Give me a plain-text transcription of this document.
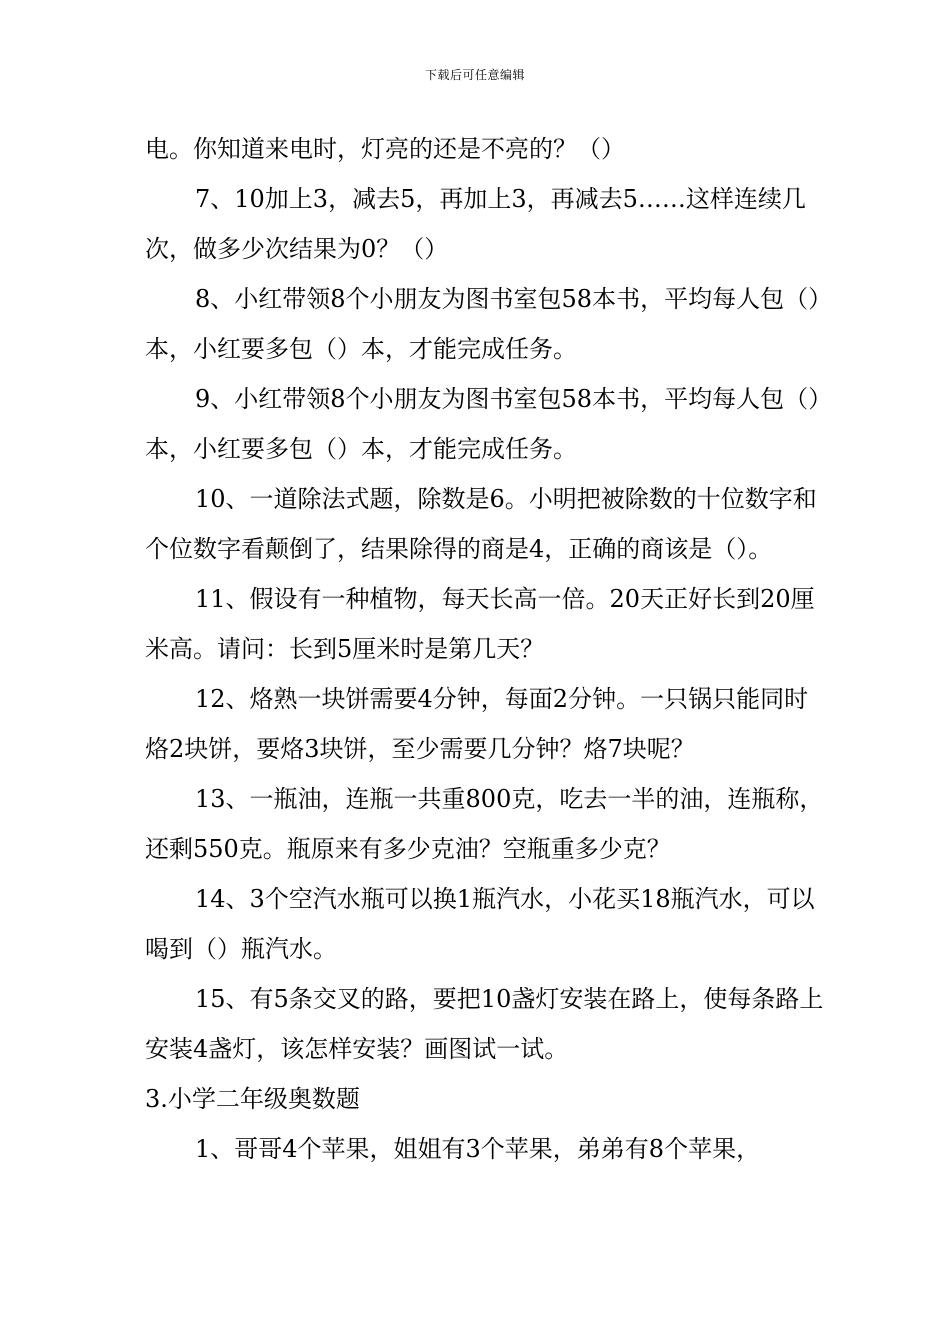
下载后可任意编辑

电。你知道来电时，灯亮的还是不亮的？（）

7、10加上3，减去5，再加上3，再减去5……这样连续几次，做多少次结果为0？（）

8、小红带领8个小朋友为图书室包58本书，平均每人包（）本，小红要多包（）本，才能完成任务。

9、小红带领8个小朋友为图书室包58本书，平均每人包（）本，小红要多包（）本，才能完成任务。

10、一道除法式题，除数是6。小明把被除数的十位数字和个位数字看颠倒了，结果除得的商是4，正确的商该是（）。

11、假设有一种植物，每天长高一倍。20天正好长到20厘米高。请问：长到5厘米时是第几天？

12、烙熟一块饼需要4分钟，每面2分钟。一只锅只能同时烙2块饼，要烙3块饼，至少需要几分钟？烙7块呢？

13、一瓶油，连瓶一共重800克，吃去一半的油，连瓶称，还剩550克。瓶原来有多少克油？空瓶重多少克？

14、3个空汽水瓶可以换1瓶汽水，小花买18瓶汽水，可以喝到（）瓶汽水。

15、有5条交叉的路，要把10盏灯安装在路上，使每条路上安装4盏灯，该怎样安装？画图试一试。

3.小学二年级奥数题

1、哥哥4个苹果，姐姐有3个苹果，弟弟有8个苹果，
